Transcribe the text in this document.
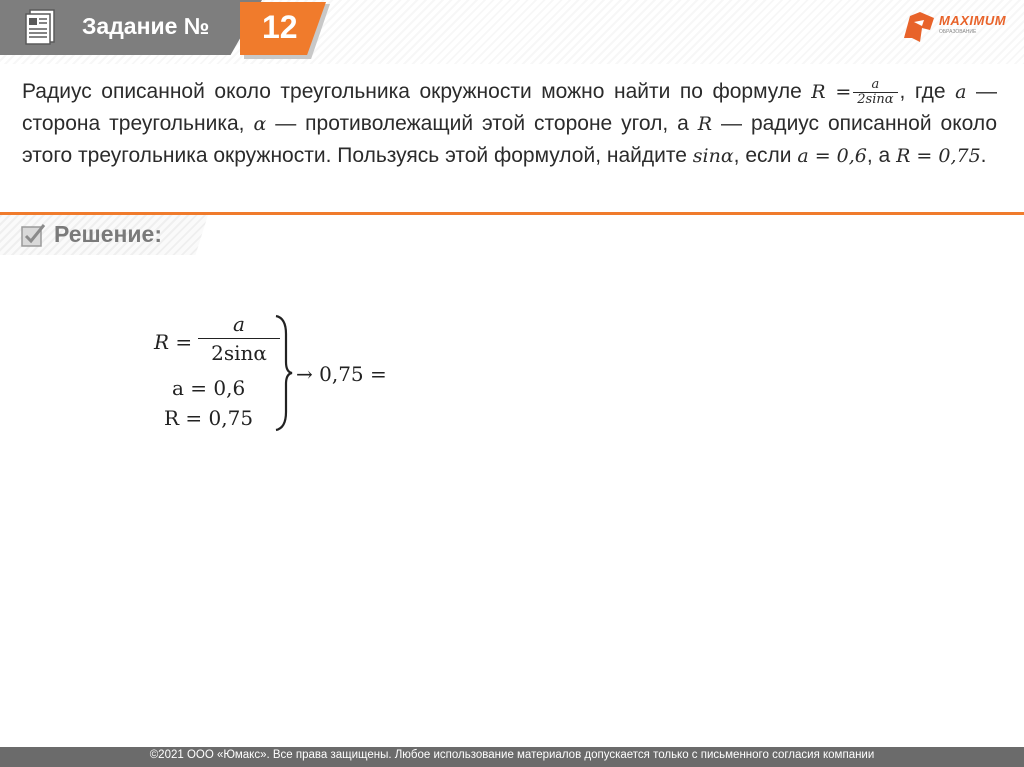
Задание № 12	MAXIMUM
ОБРАЗОВАНИЕ
Радиус описанной около треугольника окружности можно найти по формуле $R = \frac{a}{2\sin\alpha}$ , где a —сторона треугольника, α — противолежащий этой стороне угол, а R — радиус описанной около этого треугольника окружности. Пользуясь этой формулой, найдите sinα, если a = 0,6, а R = 0,75.
Решение:
$R = \frac{a}{2\sin\alpha}$
a = 0,6
R = 0,75
→ 0,75 =
©2021 ООО «Юмакс». Все права защищены. Любое использование материалов допускается только с письменного согласия компании
